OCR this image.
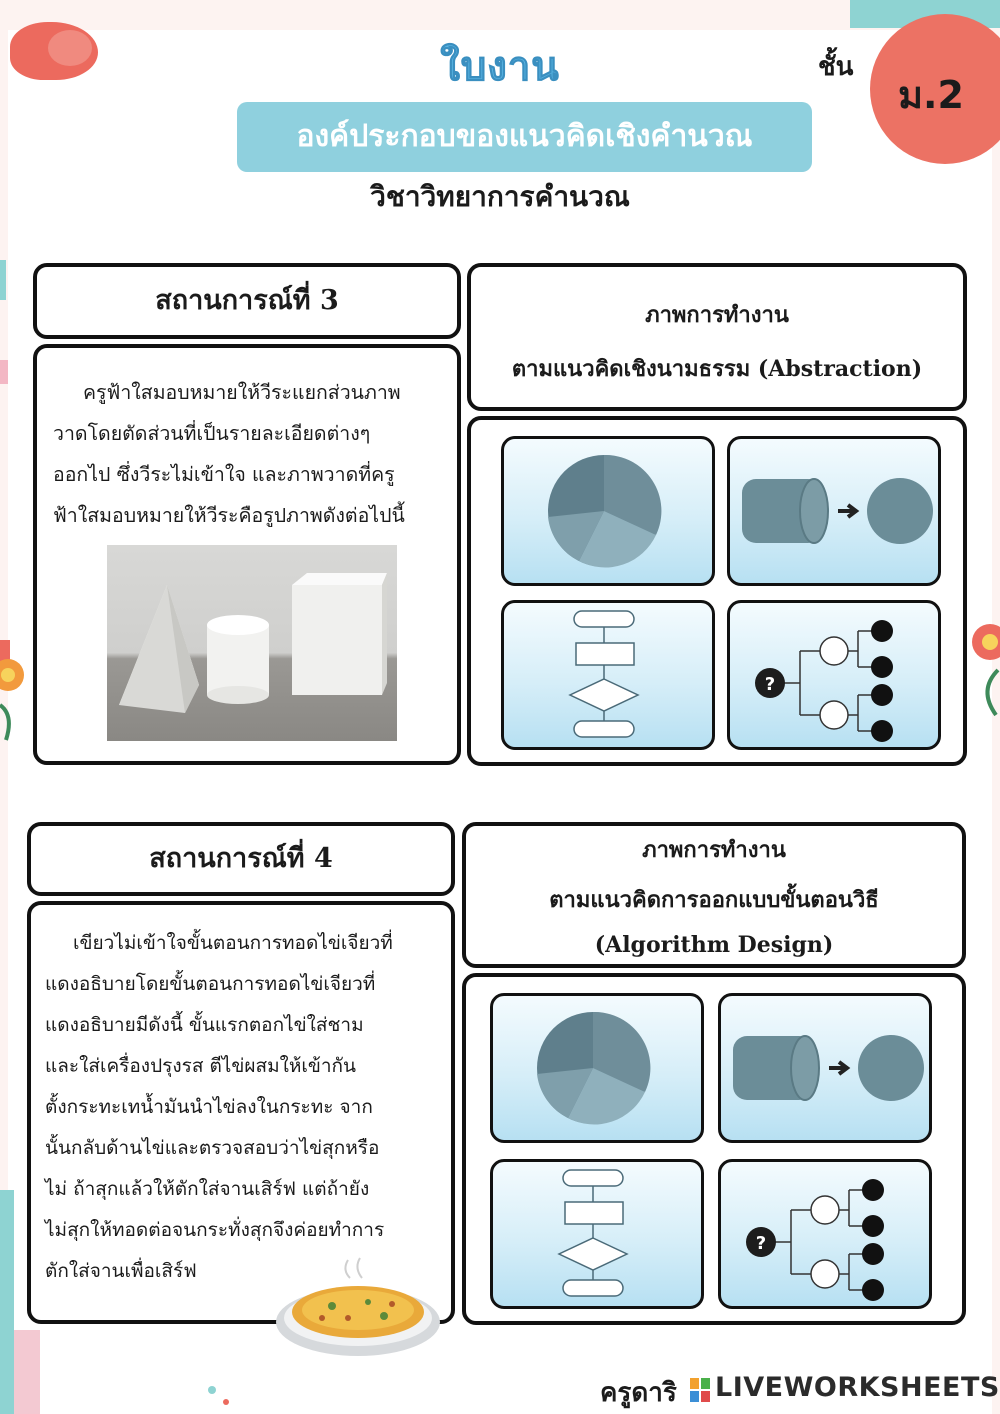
ใบงาน
องค์ประกอบของแนวคิดเชิงคำนวณ
วิชาวิทยาการคำนวณ
ชั้น
ม.2
สถานการณ์ที่ 3
ครูฟ้าใสมอบหมายให้วีระแยกส่วนภาพ
วาดโดยตัดส่วนที่เป็นรายละเอียดต่างๆ
ออกไป ซึ่งวีระไม่เข้าใจ และภาพวาดที่ครู
ฟ้าใสมอบหมายให้วีระคือรูปภาพดังต่อไปนี้
ภาพการทำงาน
ตามแนวคิดเชิงนามธรรม (Abstraction)
?
สถานการณ์ที่ 4
เขียวไม่เข้าใจขั้นตอนการทอดไข่เจียวที่
แดงอธิบายโดยขั้นตอนการทอดไข่เจียวที่
แดงอธิบายมีดังนี้ ขั้นแรกตอกไข่ใส่ชาม
และใส่เครื่องปรุงรส ตีไข่ผสมให้เข้ากัน
ตั้งกระทะเทน้ำมันนำไข่ลงในกระทะ จาก
นั้นกลับด้านไข่และตรวจสอบว่าไข่สุกหรือ
ไม่ ถ้าสุกแล้วให้ตักใส่จานเสิร์ฟ แต่ถ้ายัง
ไม่สุกให้ทอดต่อจนกระทั่งสุกจึงค่อยทำการ
ตักใส่จานเพื่อเสิร์ฟ
ภาพการทำงาน
ตามแนวคิดการออกแบบขั้นตอนวิธี
(Algorithm Design)
?
ครูดาริ LIVEWORKSHEETS
